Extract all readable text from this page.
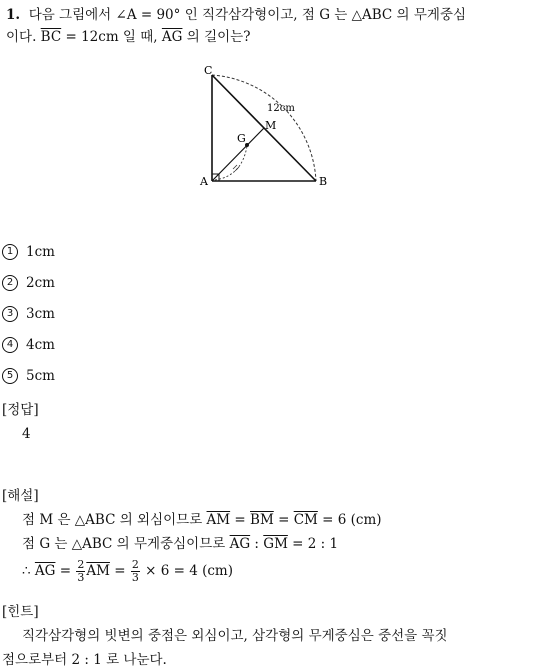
1. 다음 그림에서 ∠A = 90° 인 직각삼각형이고, 점 G 는 △ABC 의 무게중심
이다. $\overline{BC} = 12cm$ 일 때, $\overline{AG}$ 의 길이는?
C
A	B
G
M
12cm
1 1cm
2 2cm
3 3cm
4 4cm
5 5cm
[정답]
4
[해설]
점 M 은 △ABC 의 외심이므로 $\overline{AM} = \overline{BM} = \overline{CM} = 6$ (cm)
점 G 는 △ABC 의 무게중심이므로 $\overline{AG}$ : $\overline{GM} = 2$ : 1
∴ $\overline{AG} = \frac{2}{3} \overline{AM} = \frac{2}{3} \times 6 = 4$ (cm)
[힌트]
직각삼각형의 빗변의 중점은 외심이고, 삼각형의 무게중심은 중선을 꼭짓
점으로부터 2 : 1 로 나눈다.
